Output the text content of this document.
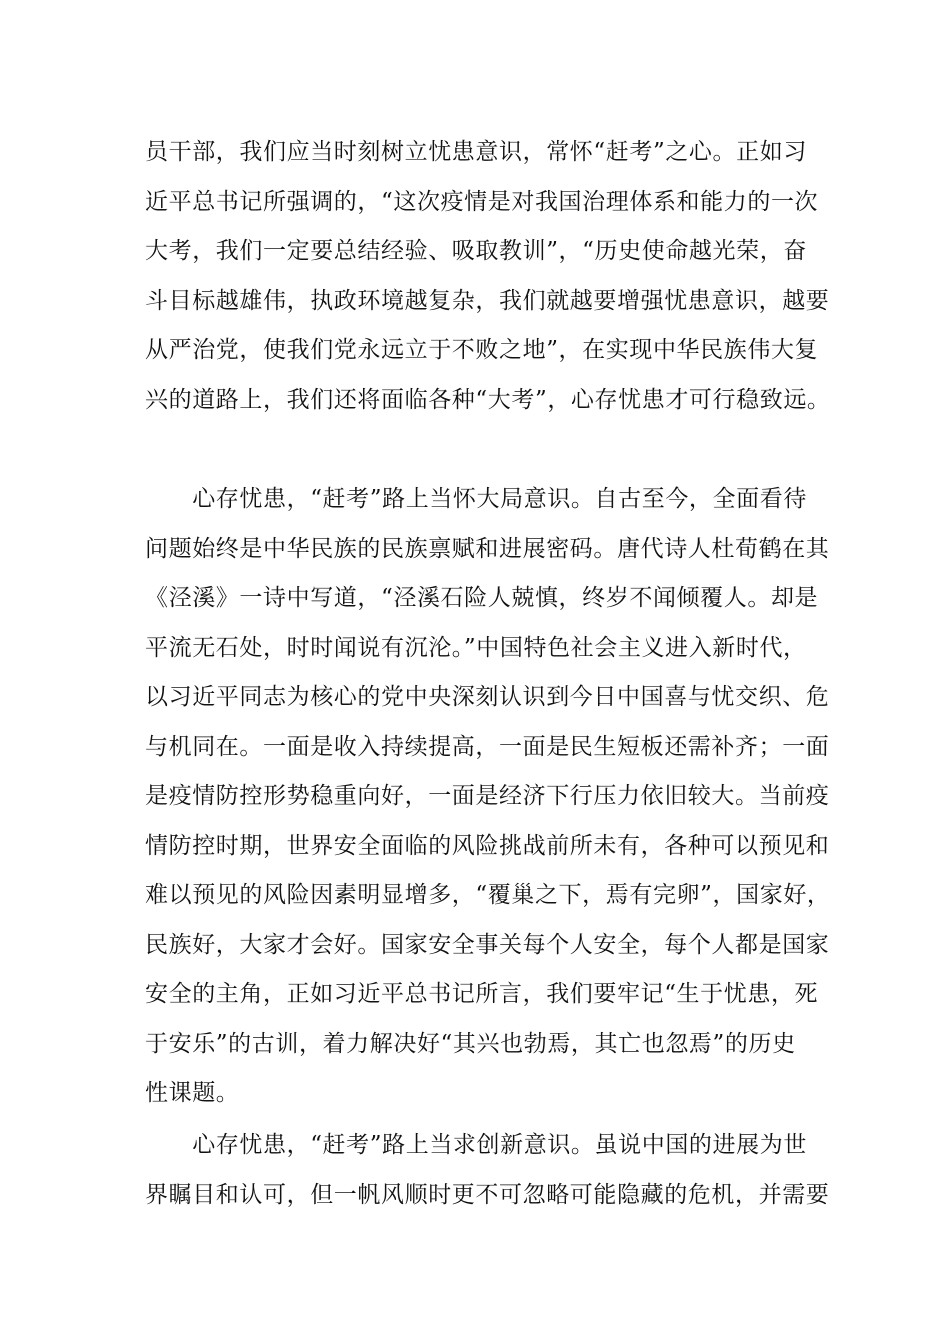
员干部，我们应当时刻树立忧患意识，常怀“赶考”之心。正如习
近平总书记所强调的，“这次疫情是对我国治理体系和能力的一次
大考，我们一定要总结经验、吸取教训”，“历史使命越光荣，奋
斗目标越雄伟，执政环境越复杂，我们就越要增强忧患意识，越要
从严治党，使我们党永远立于不败之地”，在实现中华民族伟大复
兴的道路上，我们还将面临各种“大考”，心存忧患才可行稳致远。
　　心存忧患，“赶考”路上当怀大局意识。自古至今，全面看待
问题始终是中华民族的民族禀赋和进展密码。唐代诗人杜荀鹤在其
《泾溪》一诗中写道，“泾溪石险人兢慎，终岁不闻倾覆人。却是
平流无石处，时时闻说有沉沦。”中国特色社会主义进入新时代，
以习近平同志为核心的党中央深刻认识到今日中国喜与忧交织、危
与机同在。一面是收入持续提高，一面是民生短板还需补齐；一面
是疫情防控形势稳重向好，一面是经济下行压力依旧较大。当前疫
情防控时期，世界安全面临的风险挑战前所未有，各种可以预见和
难以预见的风险因素明显增多，“覆巢之下，焉有完卵”，国家好，
民族好，大家才会好。国家安全事关每个人安全，每个人都是国家
安全的主角，正如习近平总书记所言，我们要牢记“生于忧患，死
于安乐”的古训，着力解决好“其兴也勃焉，其亡也忽焉”的历史
性课题。
　　心存忧患，“赶考”路上当求创新意识。虽说中国的进展为世
界瞩目和认可，但一帆风顺时更不可忽略可能隐藏的危机，并需要
